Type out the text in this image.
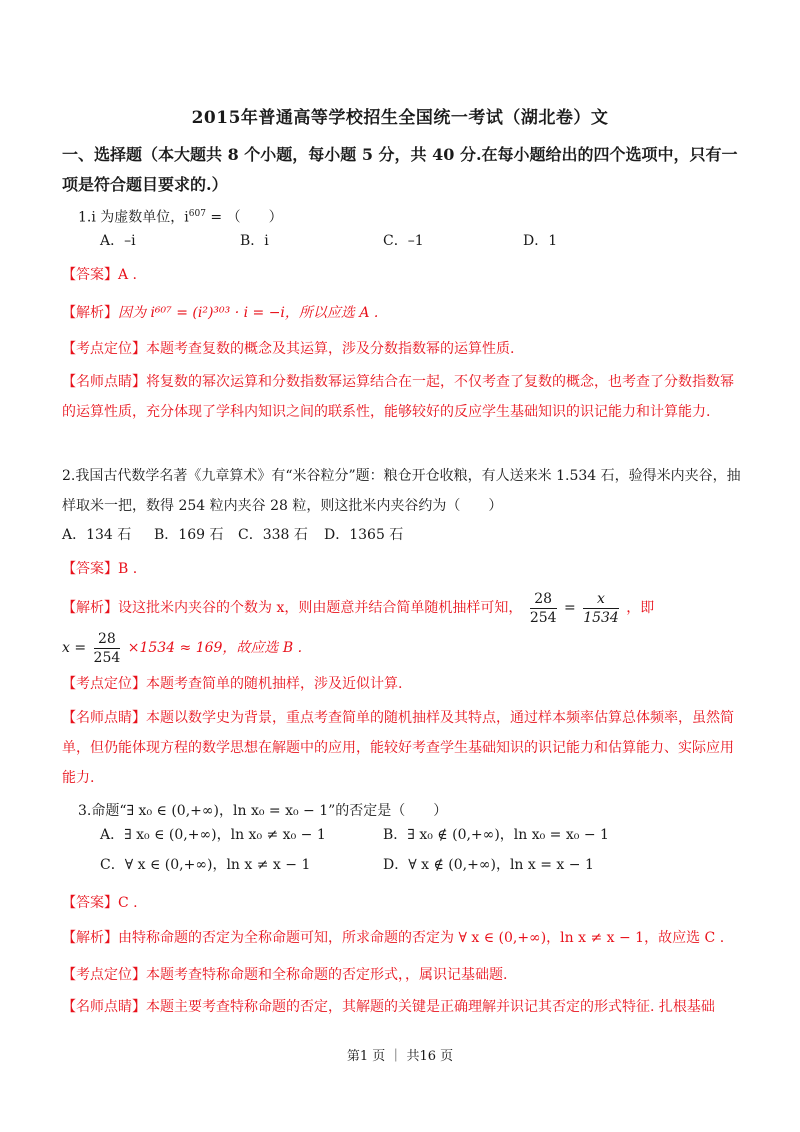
2015年普通高等学校招生全国统一考试（湖北卷）文
一、选择题（本大题共 8 个小题，每小题 5 分，共 40 分.在每小题给出的四个选项中，只有一项是符合题目要求的.）
1.i 为虚数单位，$i^{607}$ = （　　）
A．–i	B．i	C．–1	D．1
【答案】A .
【解析】因为 i⁶⁰⁷ = (i²)³⁰³ · i = −i，所以应选 A .
【考点定位】本题考查复数的概念及其运算，涉及分数指数幂的运算性质.
【名师点睛】将复数的幂次运算和分数指数幂运算结合在一起，不仅考查了复数的概念，也考查了分数指数幂的运算性质，充分体现了学科内知识之间的联系性，能够较好的反应学生基础知识的识记能力和计算能力.
2.我国古代数学名著《九章算术》有“米谷粒分”题：粮仓开仓收粮，有人送来米 1.534 石，验得米内夹谷，抽样取米一把，数得 254 粒内夹谷 28 粒，则这批米内夹谷约为（　　）
A．134 石 B．169 石 C．338 石 D．1365 石
【答案】B .
【解析】设这批米内夹谷的个数为 x，则由题意并结合简单随机抽样可知， $\frac{28}{254} = \frac{x}{1534}$ ，即
$x = \frac{28}{254} \times 1534 \approx 169$，故应选 B .
【考点定位】本题考查简单的随机抽样，涉及近似计算.
【名师点睛】本题以数学史为背景，重点考查简单的随机抽样及其特点，通过样本频率估算总体频率，虽然简单，但仍能体现方程的数学思想在解题中的应用，能较好考查学生基础知识的识记能力和估算能力、实际应用能力.
3.命题“∃ x₀ ∈ (0,+∞)，ln x₀ = x₀ − 1”的否定是（　　）
A．∃ x₀ ∈ (0,+∞)，ln x₀ ≠ x₀ − 1	B．∃ x₀ ∉ (0,+∞)，ln x₀ = x₀ − 1
C．∀ x ∈ (0,+∞)，ln x ≠ x − 1	D．∀ x ∉ (0,+∞)，ln x = x − 1
【答案】C .
【解析】由特称命题的否定为全称命题可知，所求命题的否定为 ∀ x ∈ (0,+∞)，ln x ≠ x − 1，故应选 C .
【考点定位】本题考查特称命题和全称命题的否定形式，，属识记基础题.
【名师点睛】本题主要考查特称命题的否定，其解题的关键是正确理解并识记其否定的形式特征. 扎根基础
第1 页 ｜ 共16 页
